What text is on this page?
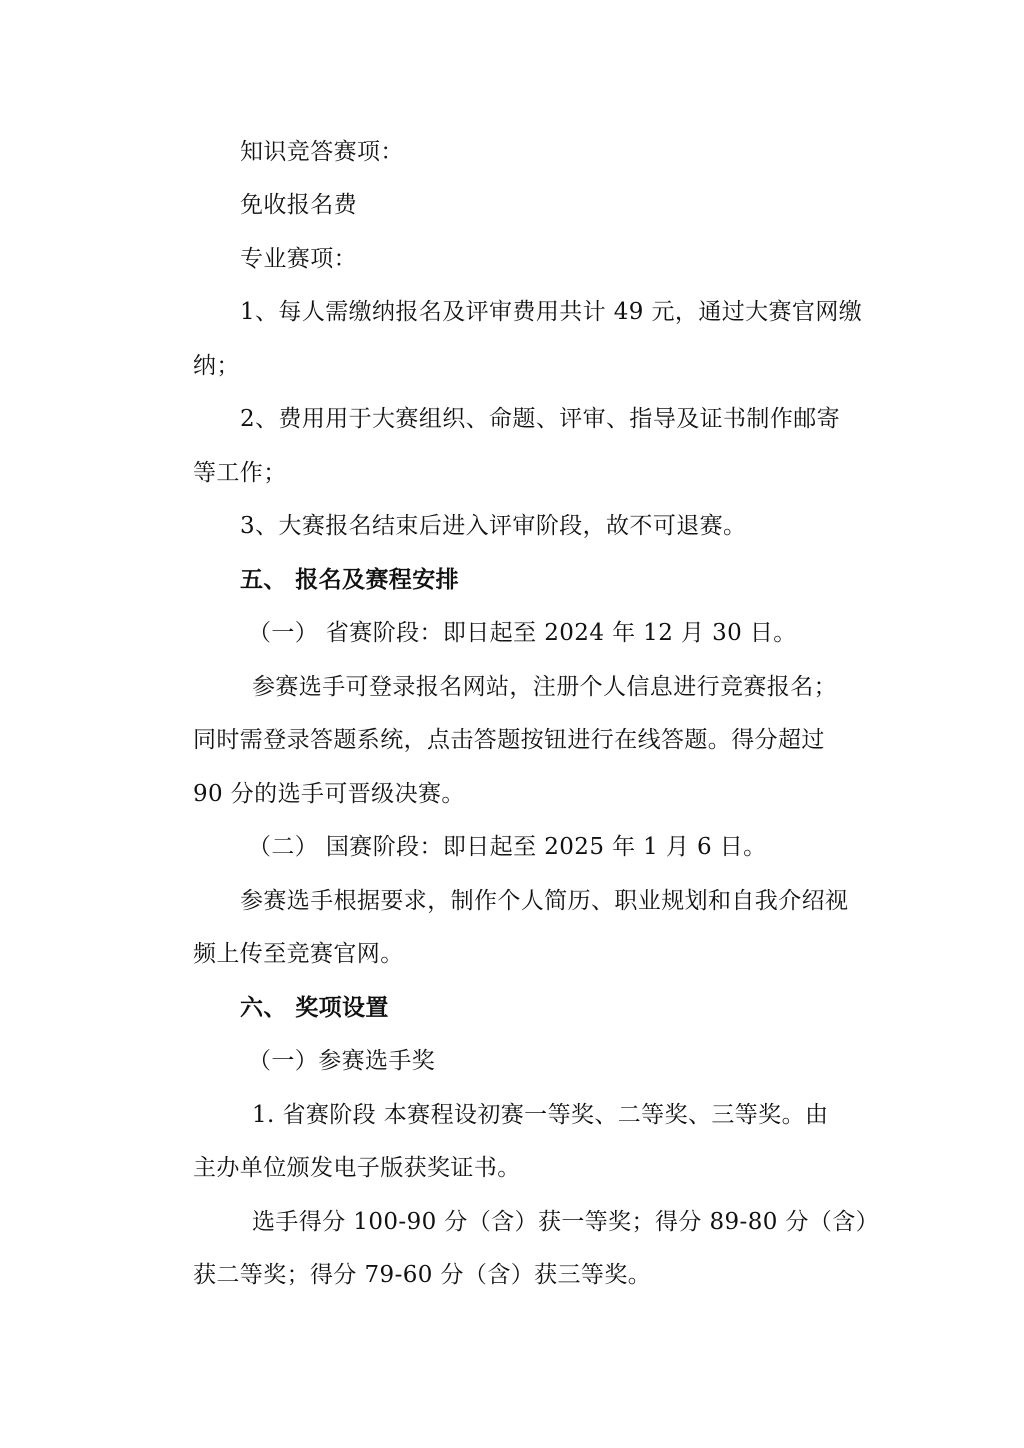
知识竞答赛项：
免收报名费
专业赛项：
1、每人需缴纳报名及评审费用共计 49 元，通过大赛官网缴
纳；
2、费用用于大赛组织、命题、评审、指导及证书制作邮寄
等工作；
3、大赛报名结束后进入评审阶段，故不可退赛。
五、 报名及赛程安排
（一） 省赛阶段：即日起至 2024 年 12 月 30 日。
参赛选手可登录报名网站，注册个人信息进行竞赛报名；
同时需登录答题系统，点击答题按钮进行在线答题。得分超过
90 分的选手可晋级决赛。
（二） 国赛阶段：即日起至 2025 年 1 月 6 日。
参赛选手根据要求，制作个人简历、职业规划和自我介绍视
频上传至竞赛官网。
六、 奖项设置
（一）参赛选手奖
1. 省赛阶段 本赛程设初赛一等奖、二等奖、三等奖。由
主办单位颁发电子版获奖证书。
选手得分 100-90 分（含）获一等奖；得分 89-80 分（含）
获二等奖；得分 79-60 分（含）获三等奖。
